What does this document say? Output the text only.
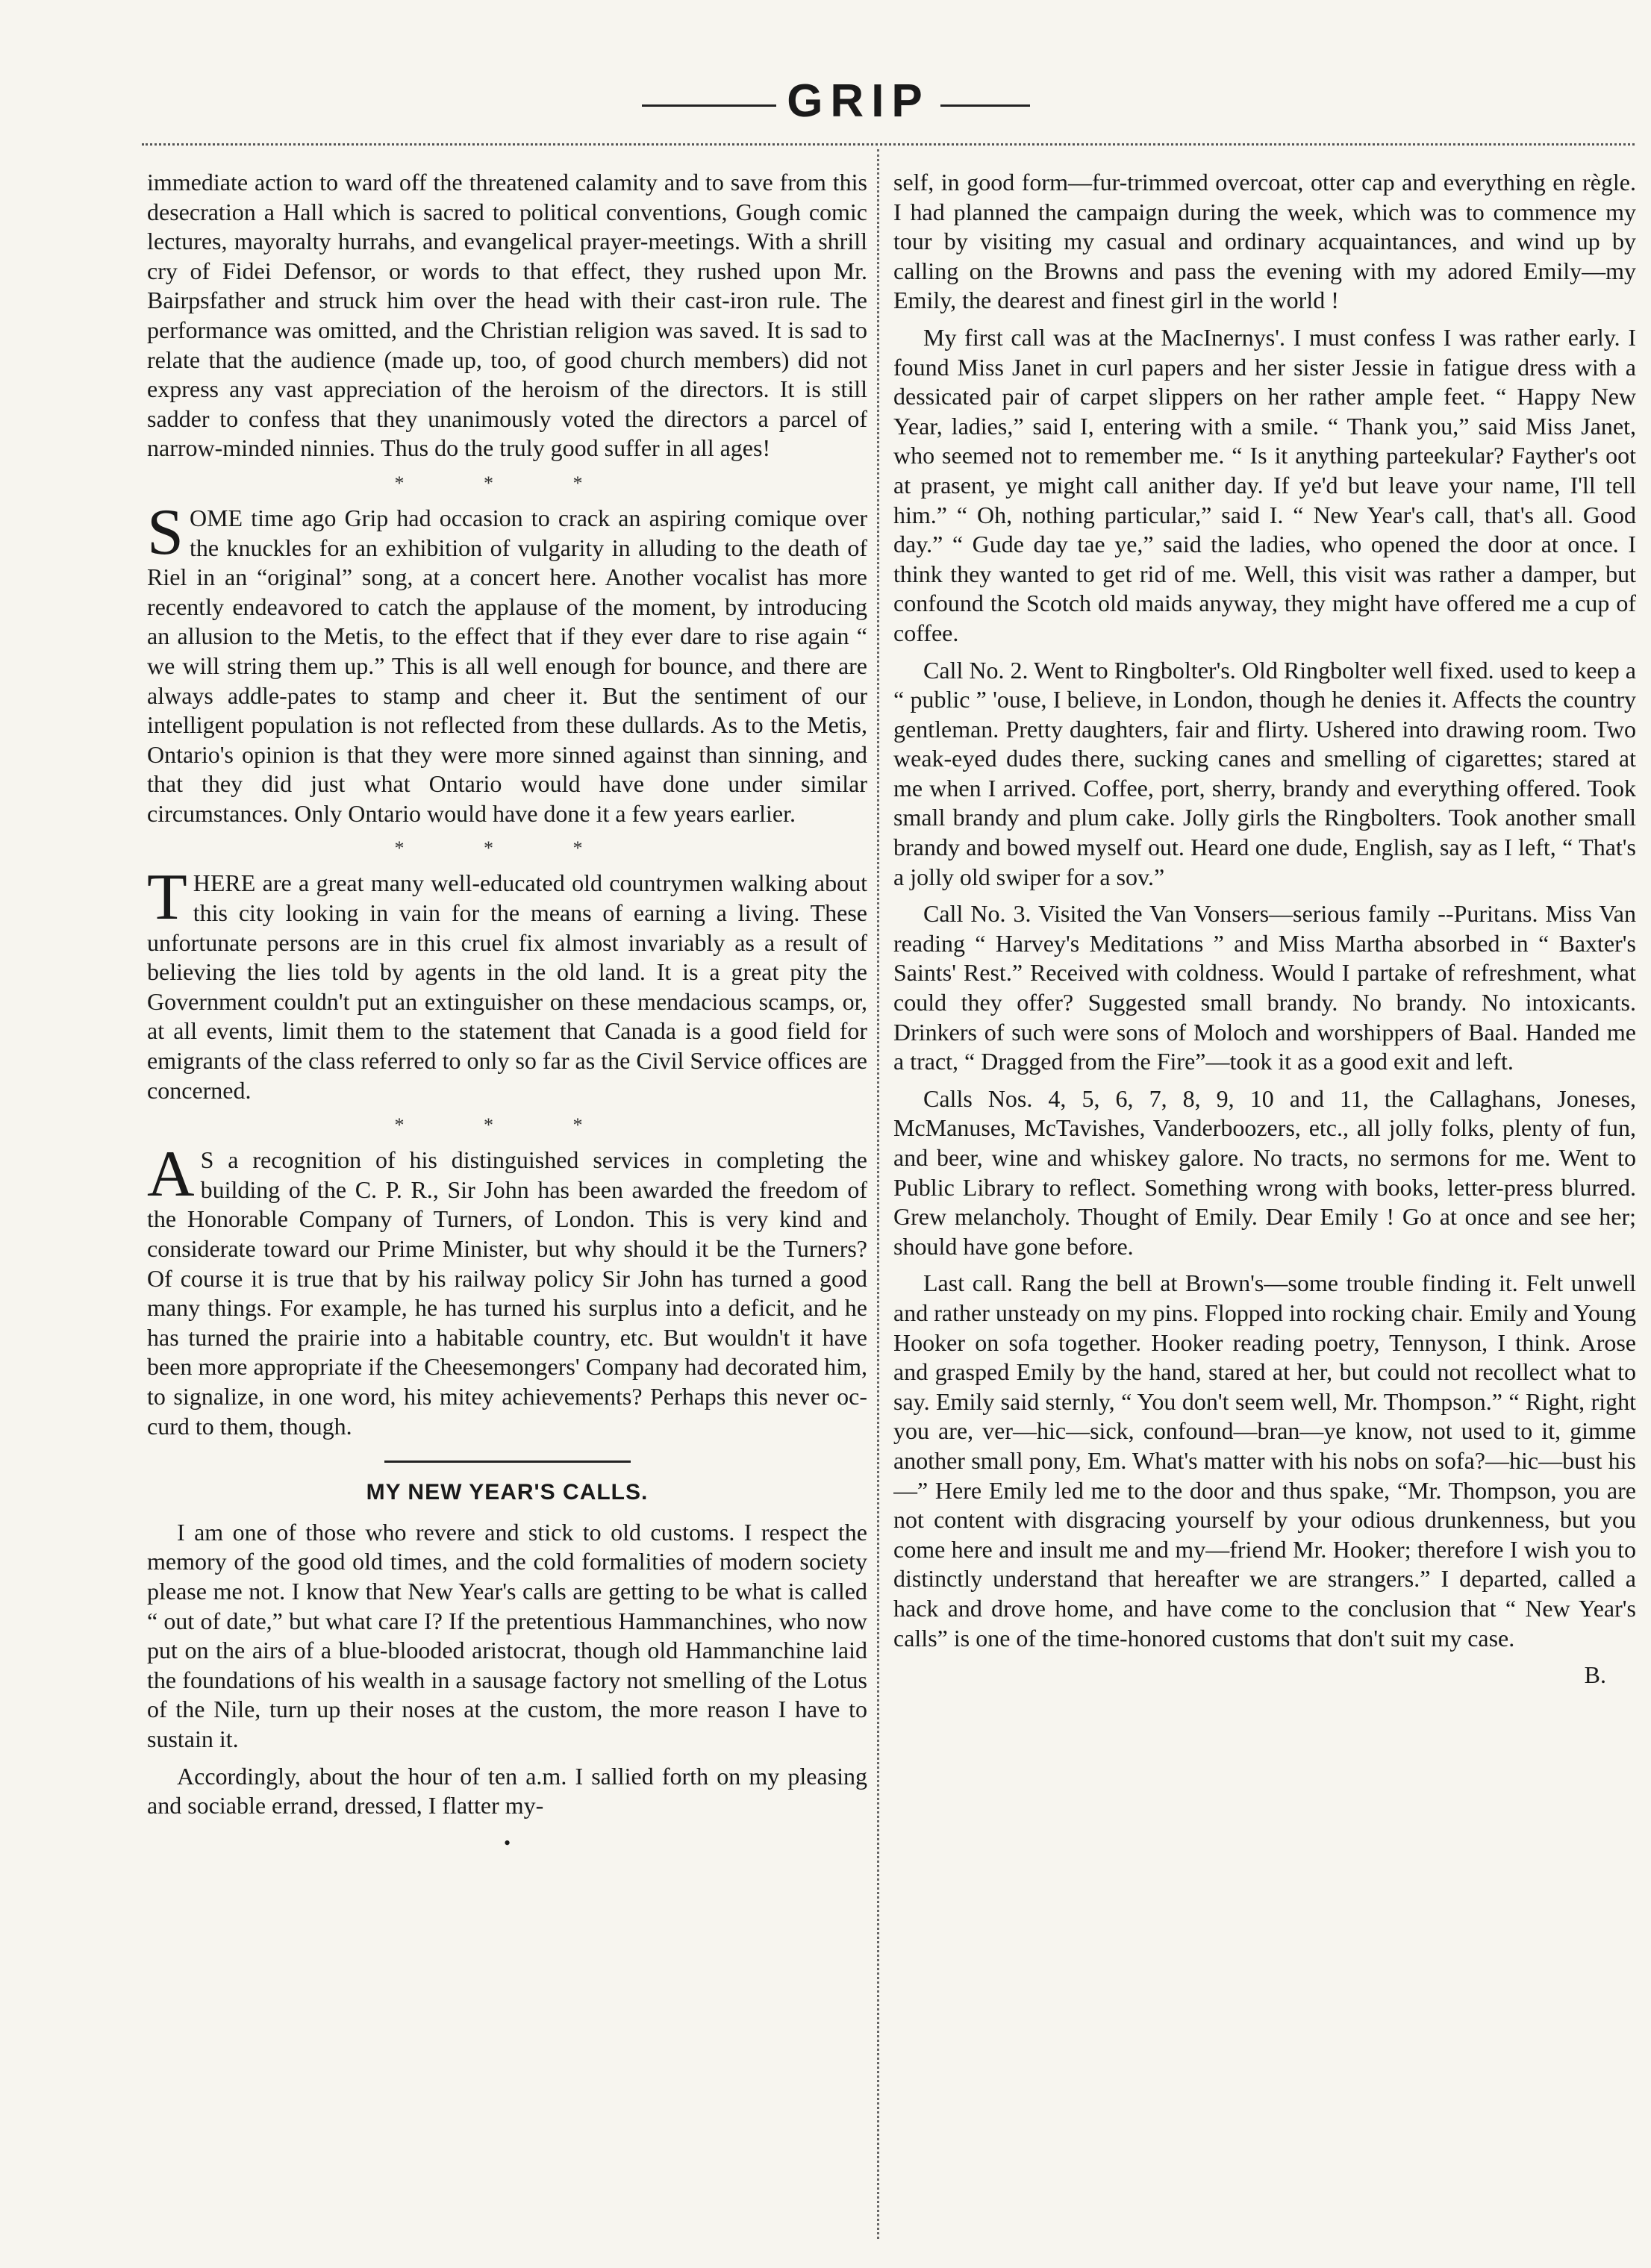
GRIP

immediate action to ward off the threatened calamity and to save from this desecration a Hall which is sacred to political conventions, Gough comic lectures, mayoralty hurrahs, and evangelical prayer-meetings. With a shrill cry of Fidei Defensor, or words to that effect, they rushed upon Mr. Bairpsfather and struck him over the head with their cast-iron rule. The performance was omitted, and the Christian religion was saved. It is sad to relate that the audience (made up, too, of good church members) did not express any vast appreciation of the heroism of the directors. It is still sadder to confess that they unanimously voted the directors a parcel of narrow-minded ninnies. Thus do the truly good suffer in all ages!

* * *

SOME time ago Grip had occasion to crack an aspiring comique over the knuckles for an exhibition of vulgarity in alluding to the death of Riel in an “original” song, at a concert here. Another vocalist has more recently endeavored to catch the applause of the moment, by introducing an allusion to the Metis, to the effect that if they ever dare to rise again “ we will string them up.” This is all well enough for bounce, and there are always addle-pates to stamp and cheer it. But the sentiment of our intelligent population is not reflected from these dullards. As to the Metis, Ontario's opinion is that they were more sinned against than sinning, and that they did just what Ontario would have done under similar circumstances. Only Ontario would have done it a few years earlier.

* * *

THERE are a great many well-educated old countrymen walking about this city looking in vain for the means of earning a living. These unfortunate persons are in this cruel fix almost invariably as a result of believing the lies told by agents in the old land. It is a great pity the Government couldn't put an extinguisher on these mendacious scamps, or, at all events, limit them to the statement that Canada is a good field for emigrants of the class referred to only so far as the Civil Service offices are concerned.

* * *

AS a recognition of his distinguished services in completing the building of the C. P. R., Sir John has been awarded the freedom of the Honorable Company of Turners, of London. This is very kind and considerate toward our Prime Minister, but why should it be the Turners? Of course it is true that by his railway policy Sir John has turned a good many things. For example, he has turned his surplus into a deficit, and he has turned the prairie into a habitable country, etc. But wouldn't it have been more appropriate if the Cheesemongers' Company had decorated him, to signalize, in one word, his mitey achievements? Perhaps this never oc-curd to them, though.

MY NEW YEAR'S CALLS.

I am one of those who revere and stick to old customs. I respect the memory of the good old times, and the cold formalities of modern society please me not. I know that New Year's calls are getting to be what is called “ out of date,” but what care I? If the pretentious Hammanchines, who now put on the airs of a blue-blooded aristocrat, though old Hammanchine laid the foundations of his wealth in a sausage factory not smelling of the Lotus of the Nile, turn up their noses at the custom, the more reason I have to sustain it.

Accordingly, about the hour of ten a.m. I sallied forth on my pleasing and sociable errand, dressed, I flatter my-

•

self, in good form—fur-trimmed overcoat, otter cap and everything en règle. I had planned the campaign during the week, which was to commence my tour by visiting my casual and ordinary acquaintances, and wind up by calling on the Browns and pass the evening with my adored Emily—my Emily, the dearest and finest girl in the world !

My first call was at the MacInernys'. I must confess I was rather early. I found Miss Janet in curl papers and her sister Jessie in fatigue dress with a dessicated pair of carpet slippers on her rather ample feet. “ Happy New Year, ladies,” said I, entering with a smile. “ Thank you,” said Miss Janet, who seemed not to remember me. “ Is it anything parteekular? Fayther's oot at prasent, ye might call anither day. If ye'd but leave your name, I'll tell him.” “ Oh, nothing particular,” said I. “ New Year's call, that's all. Good day.” “ Gude day tae ye,” said the ladies, who opened the door at once. I think they wanted to get rid of me. Well, this visit was rather a damper, but confound the Scotch old maids anyway, they might have offered me a cup of coffee.

Call No. 2. Went to Ringbolter's. Old Ringbolter well fixed. used to keep a “ public ” 'ouse, I believe, in London, though he denies it. Affects the country gentleman. Pretty daughters, fair and flirty. Ushered into drawing room. Two weak-eyed dudes there, sucking canes and smelling of cigarettes; stared at me when I arrived. Coffee, port, sherry, brandy and everything offered. Took small brandy and plum cake. Jolly girls the Ringbolters. Took another small brandy and bowed myself out. Heard one dude, English, say as I left, “ That's a jolly old swiper for a sov.”

Call No. 3. Visited the Van Vonsers—serious family --Puritans. Miss Van reading “ Harvey's Meditations ” and Miss Martha absorbed in “ Baxter's Saints' Rest.” Received with coldness. Would I partake of refreshment, what could they offer? Suggested small brandy. No brandy. No intoxicants. Drinkers of such were sons of Moloch and worshippers of Baal. Handed me a tract, “ Dragged from the Fire”—took it as a good exit and left.

Calls Nos. 4, 5, 6, 7, 8, 9, 10 and 11, the Callaghans, Joneses, McManuses, McTavishes, Vanderboozers, etc., all jolly folks, plenty of fun, and beer, wine and whiskey galore. No tracts, no sermons for me. Went to Public Library to reflect. Something wrong with books, letter-press blurred. Grew melancholy. Thought of Emily. Dear Emily ! Go at once and see her; should have gone before.

Last call. Rang the bell at Brown's—some trouble finding it. Felt unwell and rather unsteady on my pins. Flopped into rocking chair. Emily and Young Hooker on sofa together. Hooker reading poetry, Tennyson, I think. Arose and grasped Emily by the hand, stared at her, but could not recollect what to say. Emily said sternly, “ You don't seem well, Mr. Thompson.” “ Right, right you are, ver—hic—sick, confound—bran—ye know, not used to it, gimme another small pony, Em. What's matter with his nobs on sofa?—hic—bust his—” Here Emily led me to the door and thus spake, “Mr. Thompson, you are not content with disgracing yourself by your odious drunkenness, but you come here and insult me and my—friend Mr. Hooker; therefore I wish you to distinctly understand that hereafter we are strangers.” I departed, called a hack and drove home, and have come to the conclusion that “ New Year's calls” is one of the time-honored customs that don't suit my case.

B.
